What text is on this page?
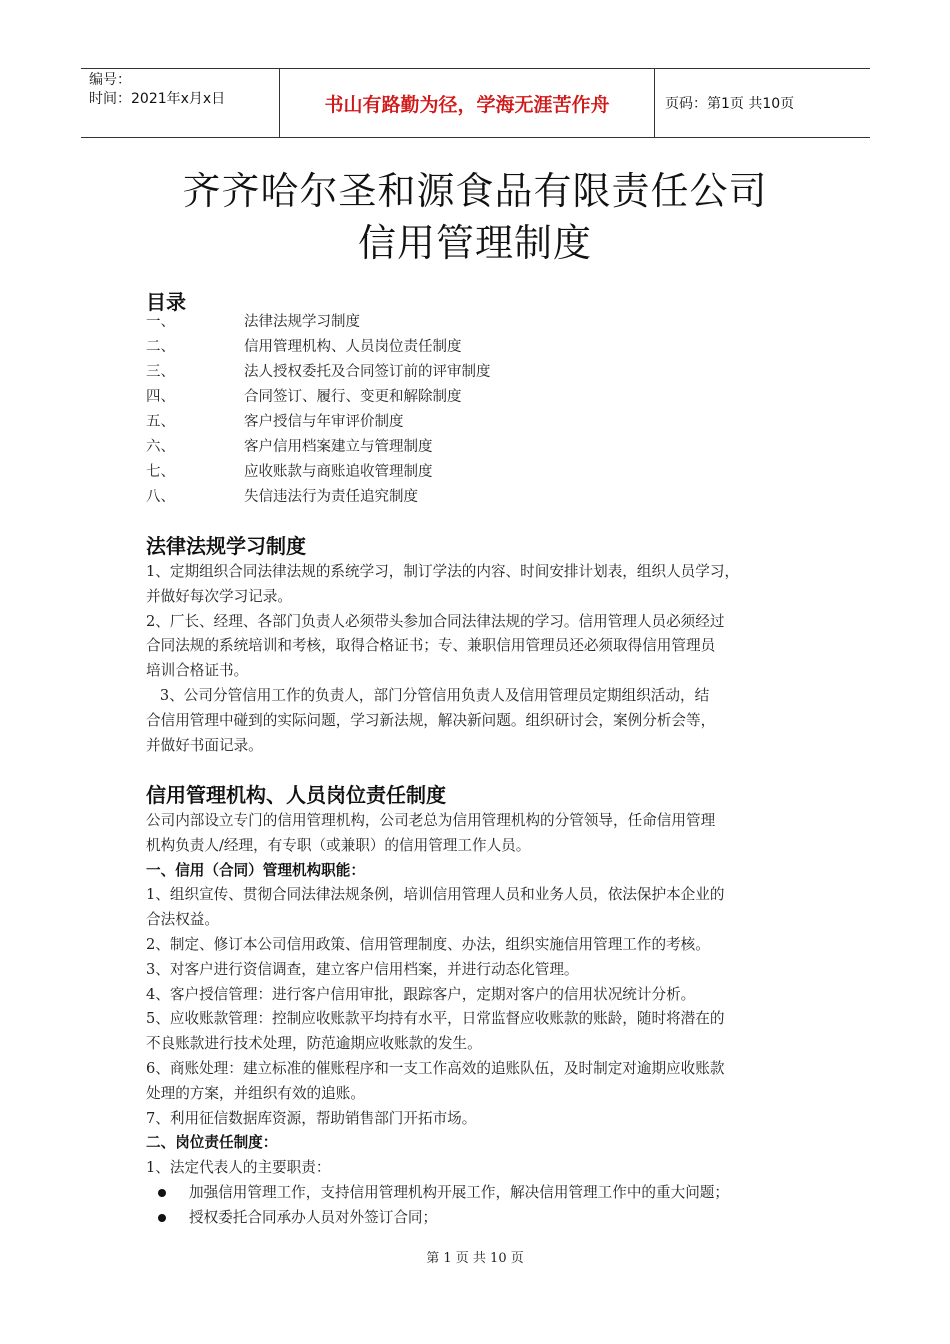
编号：
时间：2021年x月x日	书山有路勤为径，学海无涯苦作舟	页码：第1页 共10页
齐齐哈尔圣和源食品有限责任公司
信用管理制度
目录
一、	法律法规学习制度
二、	信用管理机构、人员岗位责任制度
三、	法人授权委托及合同签订前的评审制度
四、	合同签订、履行、变更和解除制度
五、	客户授信与年审评价制度
六、	客户信用档案建立与管理制度
七、	应收账款与商账追收管理制度
八、	失信违法行为责任追究制度
法律法规学习制度
1、定期组织合同法律法规的系统学习，制订学法的内容、时间安排计划表，组织人员学习，
并做好每次学习记录。
2、厂长、经理、各部门负责人必须带头参加合同法律法规的学习。信用管理人员必须经过
合同法规的系统培训和考核，取得合格证书；专、兼职信用管理员还必须取得信用管理员
培训合格证书。
3、公司分管信用工作的负责人，部门分管信用负责人及信用管理员定期组织活动，结
合信用管理中碰到的实际问题，学习新法规，解决新问题。组织研讨会，案例分析会等，
并做好书面记录。
信用管理机构、人员岗位责任制度
公司内部设立专门的信用管理机构，公司老总为信用管理机构的分管领导，任命信用管理
机构负责人/经理，有专职（或兼职）的信用管理工作人员。
一、信用（合同）管理机构职能：
1、组织宣传、贯彻合同法律法规条例，培训信用管理人员和业务人员，依法保护本企业的
合法权益。
2、制定、修订本公司信用政策、信用管理制度、办法，组织实施信用管理工作的考核。
3、对客户进行资信调查，建立客户信用档案，并进行动态化管理。
4、客户授信管理：进行客户信用审批，跟踪客户，定期对客户的信用状况统计分析。
5、应收账款管理：控制应收账款平均持有水平，日常监督应收账款的账龄，随时将潜在的
不良账款进行技术处理，防范逾期应收账款的发生。
6、商账处理：建立标准的催账程序和一支工作高效的追账队伍，及时制定对逾期应收账款
处理的方案，并组织有效的追账。
7、利用征信数据库资源，帮助销售部门开拓市场。
二、岗位责任制度：
1、法定代表人的主要职责：
加强信用管理工作，支持信用管理机构开展工作，解决信用管理工作中的重大问题；
授权委托合同承办人员对外签订合同；
第 1 页 共 10 页
